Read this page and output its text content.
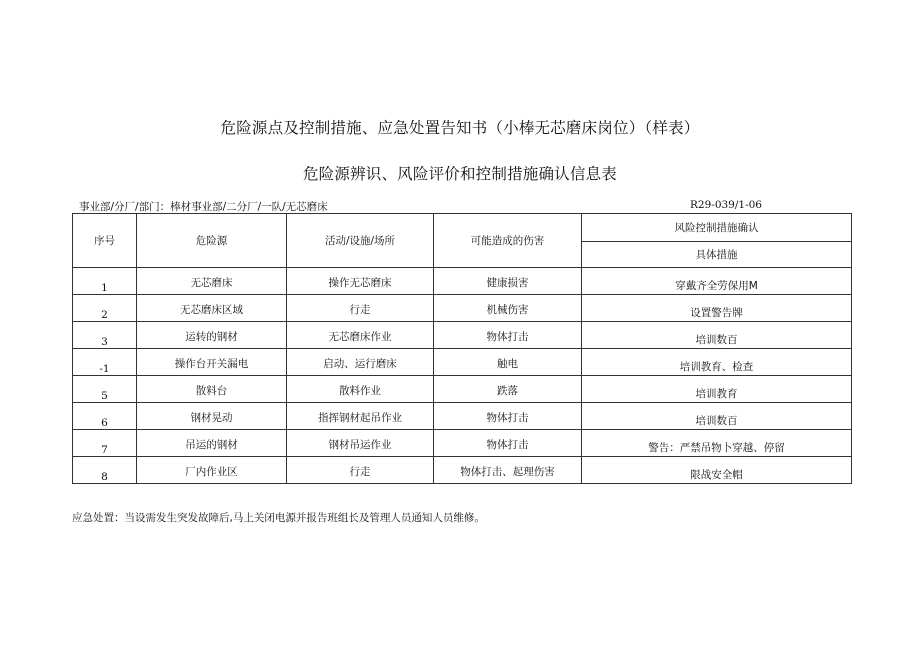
危险源点及控制措施、应急处置告知书（小棒无芯磨床岗位）（样表）
危险源辨识、风险评价和控制措施确认信息表
事业部/分厂/部门：棒材事业部/二分厂/一队/无芯磨床	R29-039/1-06
序号	危险源	活动/设施/场所	可能造成的伤害	风险控制措施确认
				具体措施
1	无芯磨床	操作无芯磨床	健康损害	穿戴齐全劳保用M
2	无芯磨床区域	行走	机械伤害	设置警告牌
3	运转的钢材	无芯磨床作业	物体打击	培训数百
-1	操作台开关漏电	启动、运行磨床	触电	培训教育、检查
5	散料台	散料作业	跌落	培训教育
6	钢材晃动	指挥钢材起吊作业	物体打击	培训数百
7	吊运的钢材	钢材吊运作业	物体打击	警告：严禁吊物卜穿越、停留
8	厂内作业区	行走	物体打击、起理伤害	限战安全帽
应急处置：当设需发生突发故障后,马上关闭电源并报告班组长及管理人员通知人员维修。
